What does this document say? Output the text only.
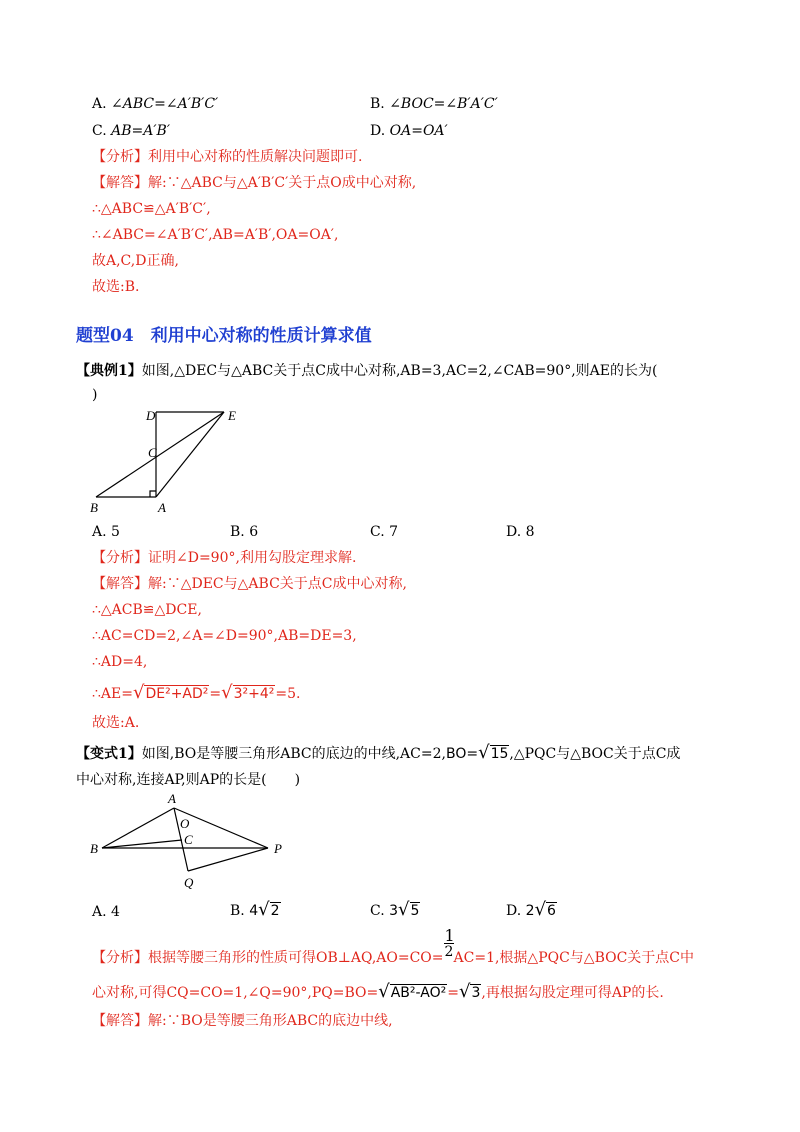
A. ∠ABC=∠A′B′C′	B. ∠BOC=∠B′A′C′
C. AB=A′B′	D. OA=OA′
【分析】利用中心对称的性质解决问题即可.
【解答】解:∵△ABC与△A′B′C′关于点O成中心对称,
∴△ABC≌△A′B′C′,
∴∠ABC=∠A′B′C′,AB=A′B′,OA=OA′,
故A,C,D正确,
故选:B.
题型04　利用中心对称的性质计算求值
【典例1】如图,△DEC与△ABC关于点C成中心对称,AB=3,AC=2,∠CAB=90°,则AE的长为(
)
D	E
C
B	A
A. 5	B. 6	C. 7	D. 8
【分析】证明∠D=90°,利用勾股定理求解.
【解答】解:∵△DEC与△ABC关于点C成中心对称,
∴△ACB≌△DCE,
∴AC=CD=2,∠A=∠D=90°,AB=DE=3,
∴AD=4,
∴AE=√DE²+AD²=√3²+4²=5.
故选:A.
【变式1】如图,BO是等腰三角形ABC的底边的中线,AC=2,BO=√15,△PQC与△BOC关于点C成
中心对称,连接AP,则AP的长是(　　)
A
O
C
B	P
Q
A. 4	B. 4√2	C. 3√5	D. 2√6
【分析】根据等腰三角形的性质可得OB⊥AQ,AO=CO= $\frac{1}{2} AC=1$,根据△PQC与△BOC关于点C中
心对称,可得CQ=CO=1,∠Q=90°,PQ=BO=√AB²-AO²=√3,再根据勾股定理可得AP的长.
【解答】解:∵BO是等腰三角形ABC的底边中线,
